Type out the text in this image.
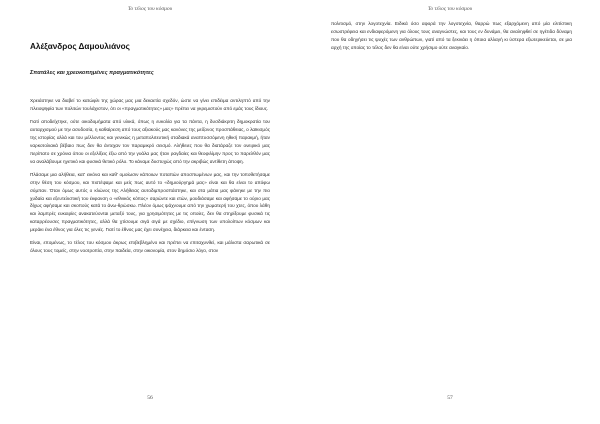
Το τέλος του κόσμου
Αλέξανδρος Δαμουλιάνος
Σπατάλες και χρεοκοπημένες πραγματικότητες

Χρειάστηκε να διαβεί το κατώφλι της χώρας μας μια δεκαετία σχεδόν, ώστε να γίνει επιδέιμα αντιληπτό από την πλειοψηφία των πολιτών τουλάχιστον, ότι οι «πραγματικότητες» μας» πρέπει να γκρεμιστούν από εμάς τους ίδιους.

Γιατί αποδείχτηκε, ούτε οικοδομήματα από υλικά, όπως η ευκολία για τα πάντα, η δυσδιάκριτη δημοκρατία του αυταρχισμού με την ασυδοσία, η καθαίρεση από τους αξιακούς μας κανόνες της μείζονος προσπάθειας, ο λαϊκισμός της ιστορίας αλλά και του μέλλοντος και γενικώς η μεταπολιτευτική σταδιακά αναπτυσσόμενη ηθική παρακμή, ήταν ναρκοτολιακά βέβαιο πως δεν θα άντεχαν τον παραμικρό σεισμό. Αλήθειες που θα διατάραζε τον ονειρικό μας περίπατο σε χρόνια όπου οι εξελίξεις έξω από την γυάλα μας ήταν ραγδαίες και θεοφιλίμην προς το παρελθόν μας να αναλάβουμε ηγετικό και φυσικά θετικό ρόλο. Το κάναμε δυστυχώς από την ακριβώς αντίθετη άποψη.

Πλάσαμε μια αλήθεια, κατ' εικόνα και καθ' ομοίωσιν κάποιων ποταπών αποσπωμένων μας, και την τοποθετήσαμε στην θέση του κόσμου, και πιστέψαμε και μείς πως αυτό το «δημιούργημά μας» είναι και θα είναι το απόφω σύμπαν. Όταν όμως αυτός ο κλώνος της Αλήθειας αυτοδιμπροσπάστηκε, και στα μάτια μας φάνηκε με την πιο χυδαία και εξευτελιστική του έκφανση ο «εθνικός κόπος» σαρώντε και ετών, μουδιάσαμε και αφήσαμε το ούριο μας δίχως αφήσαμε και σκοπούς κατά το άνω-θρώσκω. Πλέον όμως ψάχνουμε από την χωματερή του χτες, όπου λάθη και λαμπρές ευκαιρίες ανακατεύονται μεταξύ τους, για χρησιμότητες με τις οποίες, δεν θα στηρίξουμε φυσικά τις καταρρέουσες πραγματικότητες, αλλά θα χτίσουμε σιγά σιγά με σχέδιο, επίγνωση των υπολοίπων κόσμων και μεράκι ένα έθνος για όλες τις γενιές. Γιατί το έθνος μας έχει συνέχεια, διάρκεια και ένταση.

Είναι, επομένως, το τέλος του κόσμου άκρως επιβεβλημένο και πρέπει να επιταχυνθεί, και μάλιστα σαρωτικά σε όλους τους τομείς, στην νοοτροπία, στην παιδεία, στην οικονομία, στον δημόσιο λόγο, στον

56
Το τέλος του κόσμου

πολιτισμό, στην λογοτεχνία. Ειδικά όσο αφορά την λογοτεχνία, θαρρώ πως εξαρχόμενη από μία ελιτίστικη εσωστρέφεια και ενδιαφερόμενη για όλους τους αναγνώστες, και τους εν δυνάμει, θα αναληφθεί σε ηγέτιδα δύναμη που θα οδηγήσει τις ψυχές των ανθρώπων, γιατί από τα ξεκινάει η όποια αλλαγή κι ύστερα εξωτερικεύεται, σε μια αρχή της οποίας το τέλος δεν θα είναι ούτε χρήσιμο ούτε αναγκαίο.

57
